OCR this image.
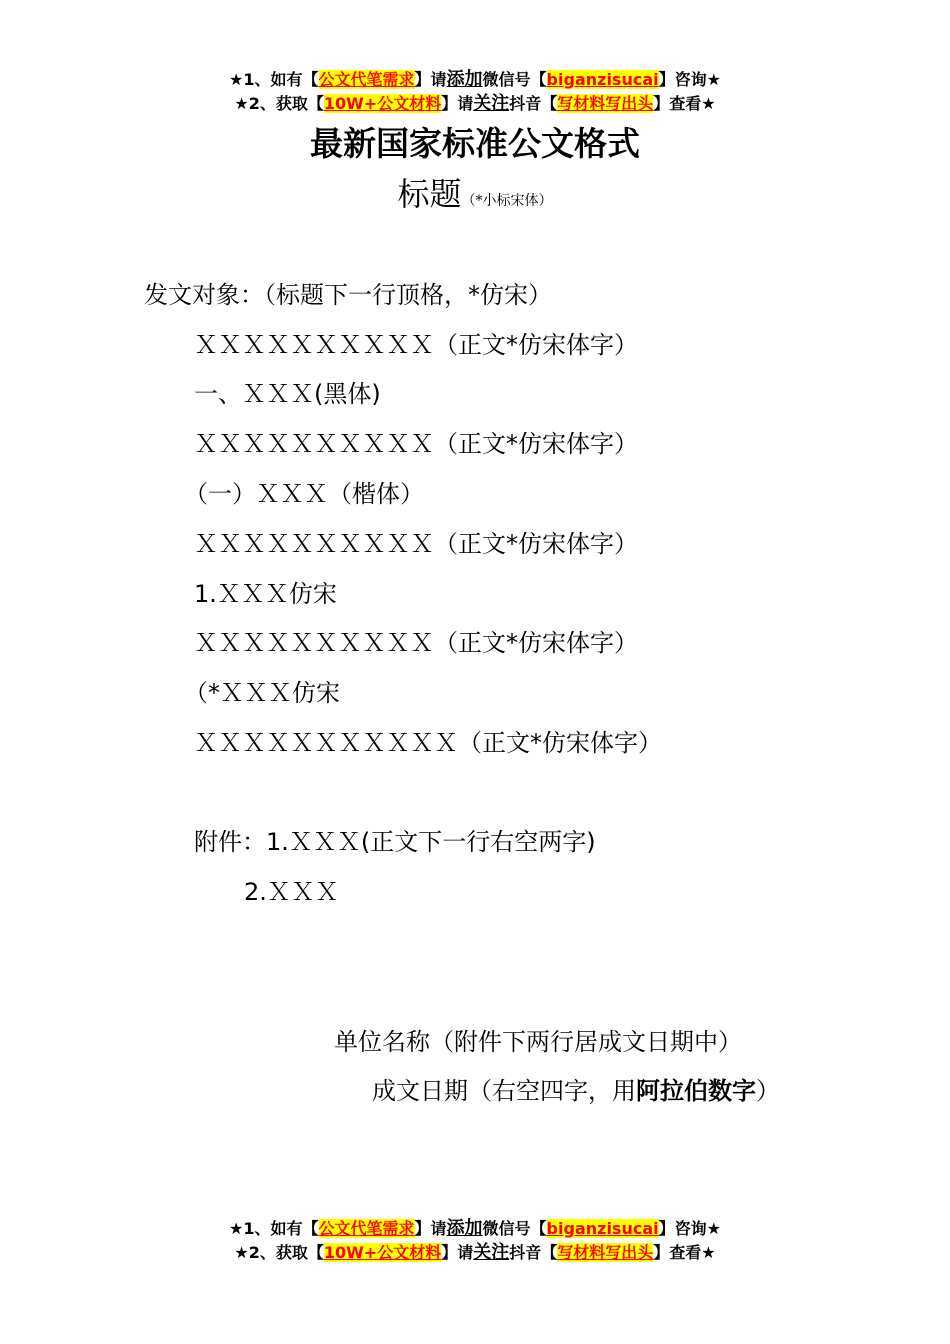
★1、如有【公文代笔需求】请添加微信号【biganzisucai】咨询★
★2、获取【10W+公文材料】请关注抖音【写材料写出头】查看★
最新国家标准公文格式
标题（*小标宋体）
发文对象：（标题下一行顶格，*仿宋）
ＸＸＸＸＸＸＸＸＸＸ（正文*仿宋体字）
一、ＸＸＸ(黑体)
ＸＸＸＸＸＸＸＸＸＸ（正文*仿宋体字）
（一）ＸＸＸ（楷体）
ＸＸＸＸＸＸＸＸＸＸ（正文*仿宋体字）
1.ＸＸＸ仿宋
ＸＸＸＸＸＸＸＸＸＸ（正文*仿宋体字）
（*ＸＸＸ仿宋
ＸＸＸＸＸＸＸＸＸＸＸ（正文*仿宋体字）
附件：1.ＸＸＸ(正文下一行右空两字)
2.ＸＸＸ
单位名称（附件下两行居成文日期中）
成文日期（右空四字，用阿拉伯数字）
★1、如有【公文代笔需求】请添加微信号【biganzisucai】咨询★
★2、获取【10W+公文材料】请关注抖音【写材料写出头】查看★
